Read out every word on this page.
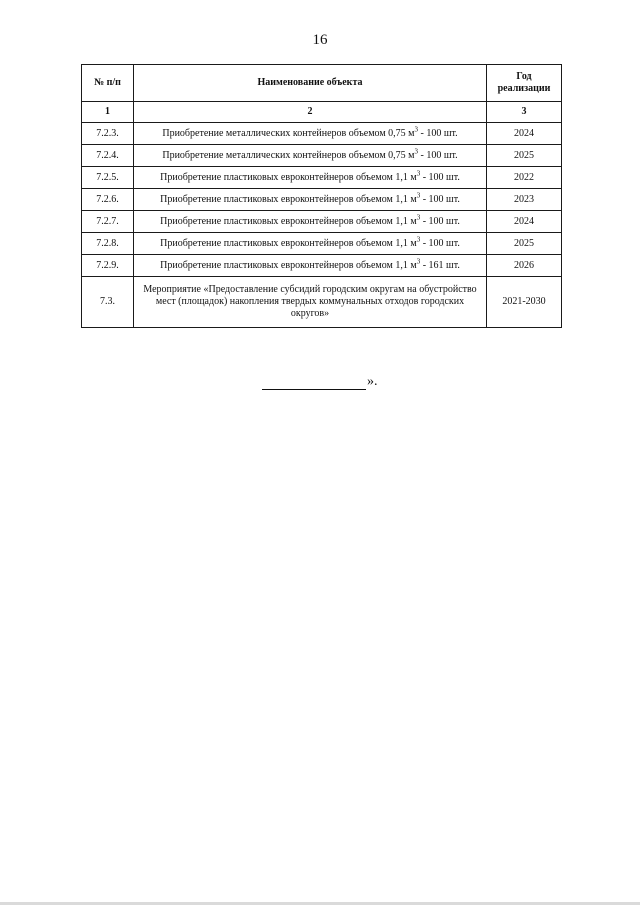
16
№ п/п	Наименование объекта	Год реализации
1	2	3
7.2.3.	Приобретение металлических контейнеров объемом 0,75 $м^3 - 100$ шт.	2024
7.2.4.	Приобретение металлических контейнеров объемом 0,75 $м^3 - 100$ шт.	2025
7.2.5.	Приобретение пластиковых евроконтейнеров объемом 1,1 $м^3 - 100$ шт.	2022
7.2.6.	Приобретение пластиковых евроконтейнеров объемом 1,1 $м^3 - 100$ шт.	2023
7.2.7.	Приобретение пластиковых евроконтейнеров объемом 1,1 $м^3 - 100$ шт.	2024
7.2.8.	Приобретение пластиковых евроконтейнеров объемом 1,1 $м^3 - 100$ шт.	2025
7.2.9.	Приобретение пластиковых евроконтейнеров объемом 1,1 $м^3 - 161$ шт.	2026
7.3.	Мероприятие «Предоставление субсидий городским округам на обустройство мест (площадок) накопления твердых коммунальных отходов городских округов»	2021-2030
».
